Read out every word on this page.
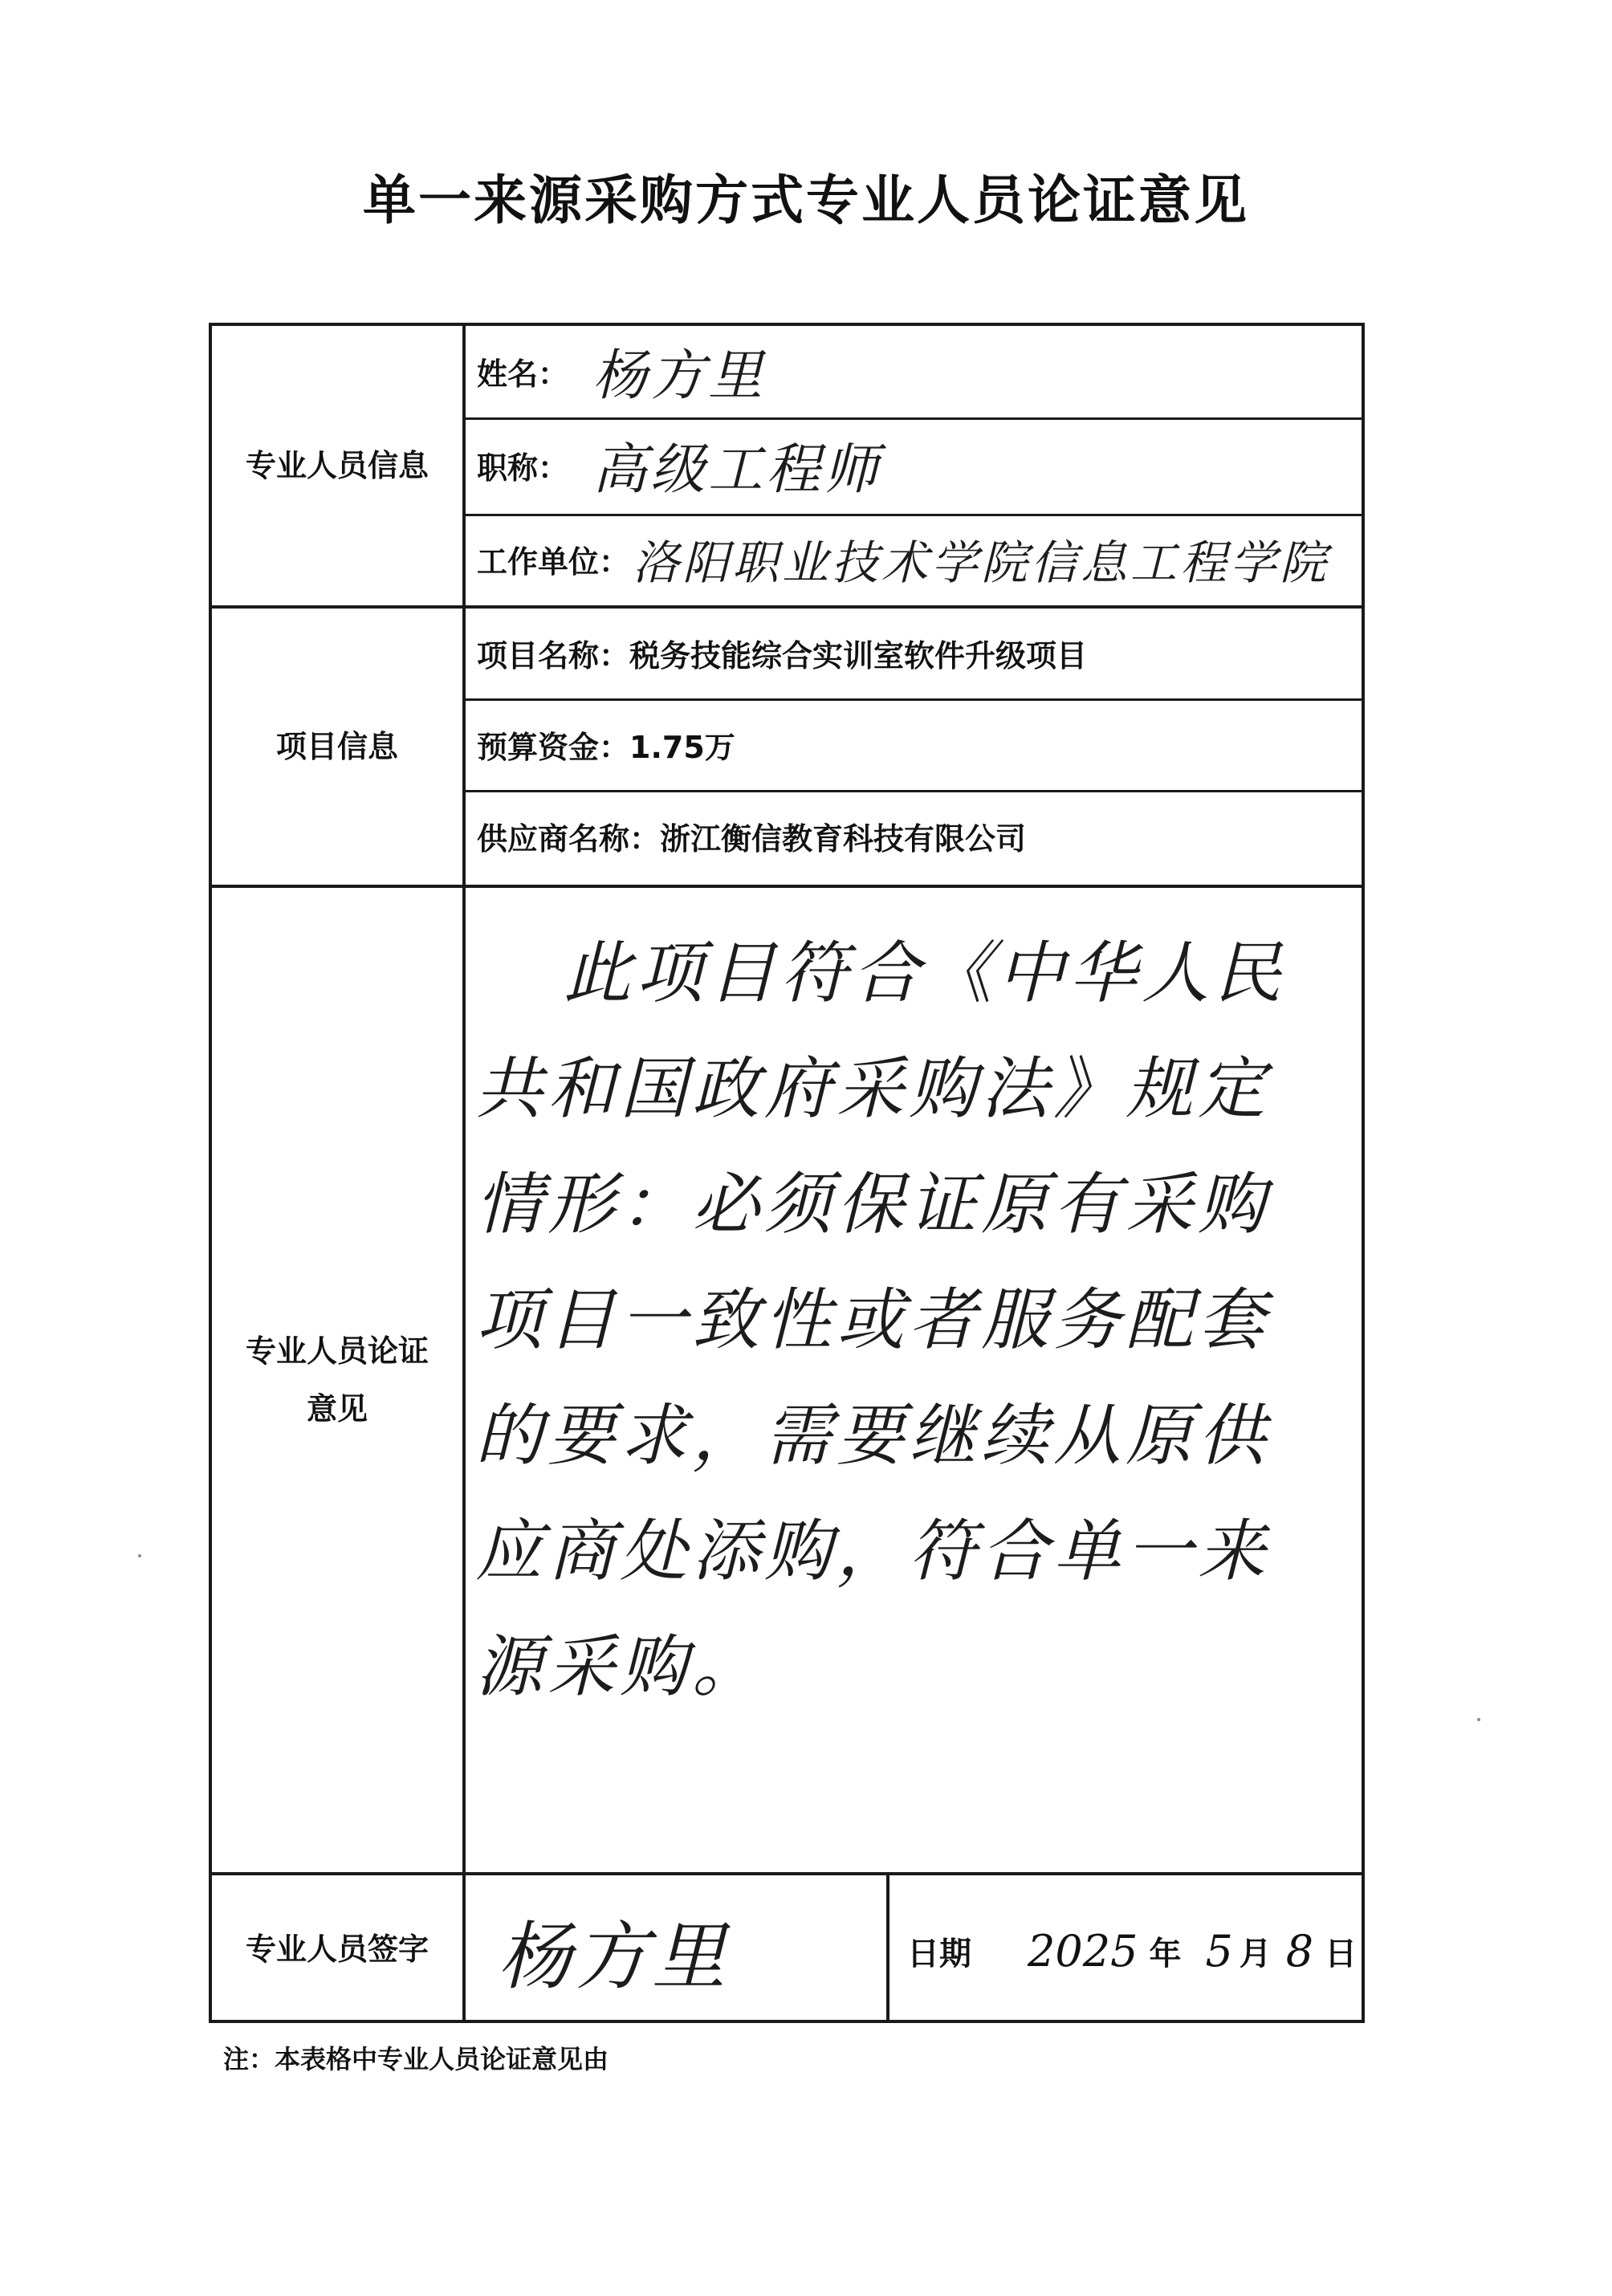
单一来源采购方式专业人员论证意见
专业人员信息
项目信息
专业人员论证
意见
专业人员签字
姓名： 杨方里
职称： 高级工程师
工作单位： 洛阳职业技术学院信息工程学院
项目名称： 税务技能综合实训室软件升级项目
预算资金： 1.75万
供应商名称： 浙江衡信教育科技有限公司
此项目符合《中华人民共和国政府采购法》规定情形：必须保证原有采购项目一致性或者服务配套的要求，需要继续从原供应商处添购，符合单一来源采购。
杨方里	日期 2025 年 5 月 8 日
注：本表格中专业人员论证意见由
